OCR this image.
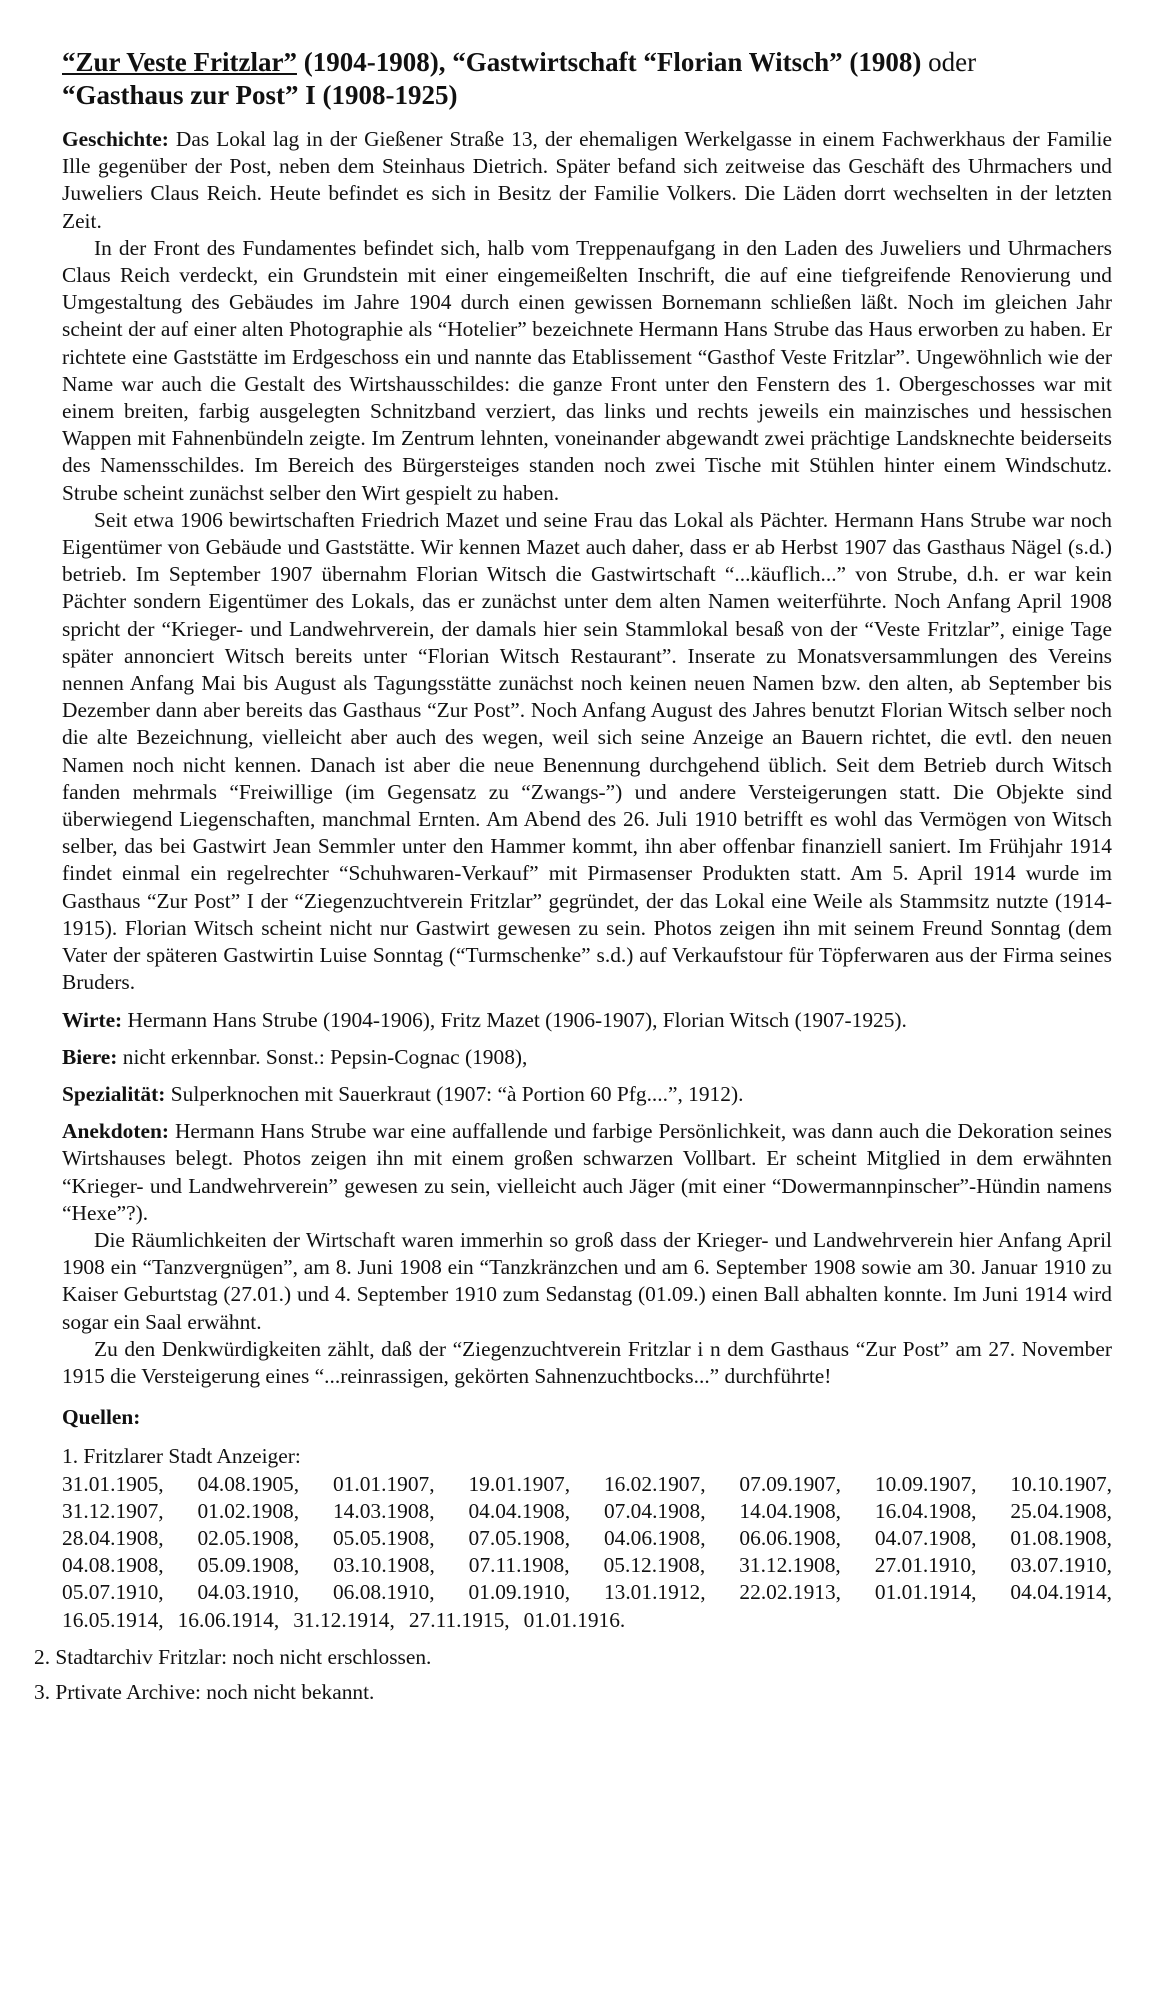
“Zur Veste Fritzlar” (1904-1908), “Gastwirtschaft “Florian Witsch” (1908) oder
“Gasthaus zur Post” I (1908-1925)

Geschichte: Das Lokal lag in der Gießener Straße 13, der ehemaligen Werkelgasse in einem Fachwerkhaus der Familie Ille gegenüber der Post, neben dem Steinhaus Dietrich. Später befand sich zeitweise das Geschäft des Uhrmachers und Juweliers Claus Reich. Heute befindet es sich in Besitz der Familie Volkers. Die Läden dorrt wechselten in der letzten Zeit.

In der Front des Fundamentes befindet sich, halb vom Treppenaufgang in den Laden des Juweliers und Uhrmachers Claus Reich verdeckt, ein Grundstein mit einer eingemeißelten Inschrift, die auf eine tiefgreifende Renovierung und Umgestaltung des Gebäudes im Jahre 1904 durch einen gewissen Bornemann schließen läßt. Noch im gleichen Jahr scheint der auf einer alten Photographie als “Hotelier” bezeichnete Hermann Hans Strube das Haus erworben zu haben. Er richtete eine Gaststätte im Erdgeschoss ein und nannte das Etablissement “Gasthof Veste Fritzlar”. Ungewöhnlich wie der Name war auch die Gestalt des Wirtshausschildes: die ganze Front unter den Fenstern des 1. Obergeschosses war mit einem breiten, farbig ausgelegten Schnitzband verziert, das links und rechts jeweils ein mainzisches und hessischen Wappen mit Fahnenbündeln zeigte. Im Zentrum lehnten, voneinander abgewandt zwei prächtige Landsknechte beiderseits des Namensschildes. Im Bereich des Bürgersteiges standen noch zwei Tische mit Stühlen hinter einem Windschutz. Strube scheint zunächst selber den Wirt gespielt zu haben.

Seit etwa 1906 bewirtschaften Friedrich Mazet und seine Frau das Lokal als Pächter. Hermann Hans Strube war noch Eigentümer von Gebäude und Gaststätte. Wir kennen Mazet auch daher, dass er ab Herbst 1907 das Gasthaus Nägel (s.d.) betrieb. Im September 1907 übernahm Florian Witsch die Gastwirtschaft “...käuflich...” von Strube, d.h. er war kein Pächter sondern Eigentümer des Lokals, das er zunächst unter dem alten Namen weiterführte. Noch Anfang April 1908 spricht der “Krieger- und Landwehrverein, der damals hier sein Stammlokal besaß von der “Veste Fritzlar”, einige Tage später annonciert Witsch bereits unter “Florian Witsch Restaurant”. Inserate zu Monatsversammlungen des Vereins nennen Anfang Mai bis August als Tagungsstätte zunächst noch keinen neuen Namen bzw. den alten, ab September bis Dezember dann aber bereits das Gasthaus “Zur Post”. Noch Anfang August des Jahres benutzt Florian Witsch selber noch die alte Bezeichnung, vielleicht aber auch des wegen, weil sich seine Anzeige an Bauern richtet, die evtl. den neuen Namen noch nicht kennen. Danach ist aber die neue Benennung durchgehend üblich. Seit dem Betrieb durch Witsch fanden mehrmals “Freiwillige (im Gegensatz zu “Zwangs-”) und andere Versteigerungen statt. Die Objekte sind überwiegend Liegenschaften, manchmal Ernten. Am Abend des 26. Juli 1910 betrifft es wohl das Vermögen von Witsch selber, das bei Gastwirt Jean Semmler unter den Hammer kommt, ihn aber offenbar finanziell saniert. Im Frühjahr 1914 findet einmal ein regelrechter “Schuhwaren-Verkauf” mit Pirmasenser Produkten statt. Am 5. April 1914 wurde im Gasthaus “Zur Post” I der “Ziegenzuchtverein Fritzlar” gegründet, der das Lokal eine Weile als Stammsitz nutzte (1914-1915). Florian Witsch scheint nicht nur Gastwirt gewesen zu sein. Photos zeigen ihn mit seinem Freund Sonntag (dem Vater der späteren Gastwirtin Luise Sonntag (“Turmschenke” s.d.) auf Verkaufstour für Töpferwaren aus der Firma seines Bruders.

Wirte: Hermann Hans Strube (1904-1906), Fritz Mazet (1906-1907), Florian Witsch (1907-1925).

Biere: nicht erkennbar. Sonst.: Pepsin-Cognac (1908),

Spezialität: Sulperknochen mit Sauerkraut (1907: “à Portion 60 Pfg....”, 1912).

Anekdoten: Hermann Hans Strube war eine auffallende und farbige Persönlichkeit, was dann auch die Dekoration seines Wirtshauses belegt. Photos zeigen ihn mit einem großen schwarzen Vollbart. Er scheint Mitglied in dem erwähnten “Krieger- und Landwehrverein” gewesen zu sein, vielleicht auch Jäger (mit einer “Dowermannpinscher”-Hündin namens “Hexe”?).

Die Räumlichkeiten der Wirtschaft waren immerhin so groß dass der Krieger- und Landwehrverein hier Anfang April 1908 ein “Tanzvergnügen”, am 8. Juni 1908 ein “Tanzkränzchen und am 6. September 1908 sowie am 30. Januar 1910 zu Kaiser Geburtstag (27.01.) und 4. September 1910 zum Sedanstag (01.09.) einen Ball abhalten konnte. Im Juni 1914 wird sogar ein Saal erwähnt.

Zu den Denkwürdigkeiten zählt, daß der “Ziegenzuchtverein Fritzlar i n dem Gasthaus “Zur Post” am 27. November 1915 die Versteigerung eines “...reinrassigen, gekörten Sahnenzuchtbocks...” durchführte!

Quellen:
1. Fritzlarer Stadt Anzeiger:
31.01.1905, 04.08.1905, 01.01.1907, 19.01.1907, 16.02.1907, 07.09.1907, 10.09.1907, 10.10.1907,
31.12.1907, 01.02.1908, 14.03.1908, 04.04.1908, 07.04.1908, 14.04.1908, 16.04.1908, 25.04.1908,
28.04.1908, 02.05.1908, 05.05.1908, 07.05.1908, 04.06.1908, 06.06.1908, 04.07.1908, 01.08.1908,
04.08.1908, 05.09.1908, 03.10.1908, 07.11.1908, 05.12.1908, 31.12.1908, 27.01.1910, 03.07.1910,
05.07.1910, 04.03.1910, 06.08.1910, 01.09.1910, 13.01.1912, 22.02.1913, 01.01.1914, 04.04.1914,
16.05.1914, 16.06.1914, 31.12.1914, 27.11.1915, 01.01.1916.
2. Stadtarchiv Fritzlar: noch nicht erschlossen.
3. Prtivate Archive: noch nicht bekannt.
